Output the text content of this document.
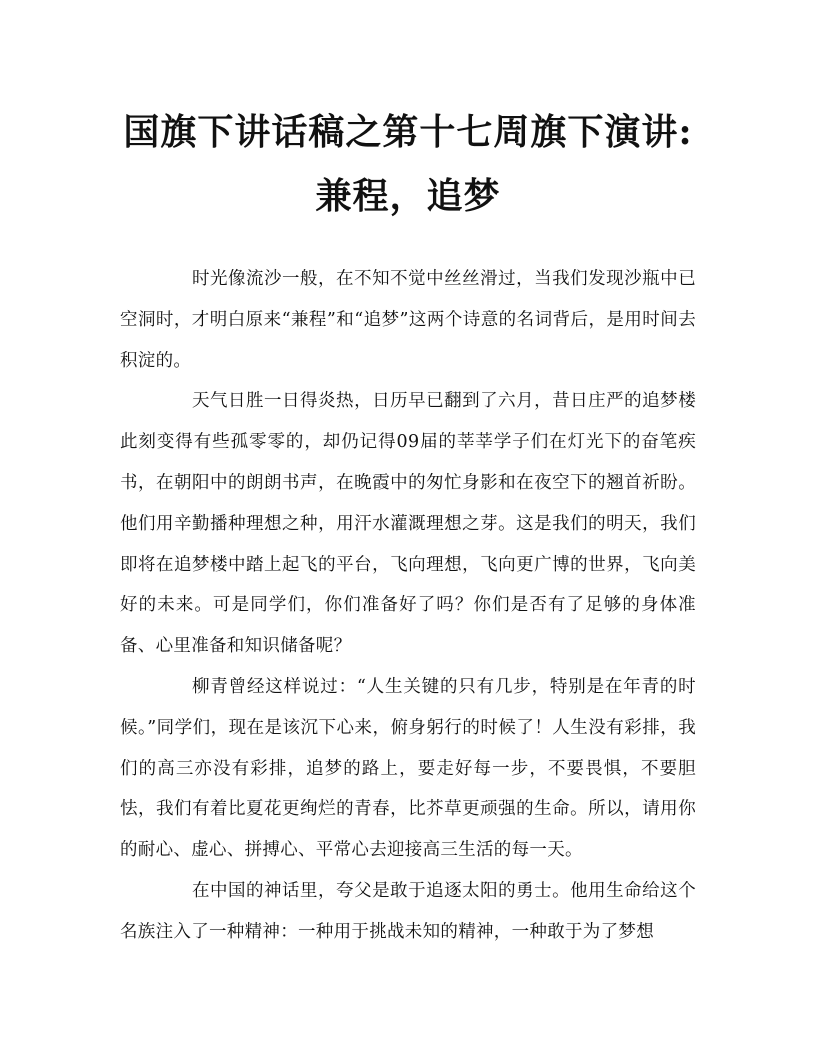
国旗下讲话稿之第十七周旗下演讲: 兼程，追梦

时光像流沙一般，在不知不觉中丝丝滑过，当我们发现沙瓶中已空洞时，才明白原来“兼程”和“追梦”这两个诗意的名词背后，是用时间去积淀的。

天气日胜一日得炎热，日历早已翻到了六月，昔日庄严的追梦楼此刻变得有些孤零零的，却仍记得09届的莘莘学子们在灯光下的奋笔疾书，在朝阳中的朗朗书声，在晚霞中的匆忙身影和在夜空下的翘首祈盼。他们用辛勤播种理想之种，用汗水灌溉理想之芽。这是我们的明天，我们即将在追梦楼中踏上起飞的平台，飞向理想，飞向更广博的世界，飞向美好的未来。可是同学们，你们准备好了吗？你们是否有了足够的身体准备、心里准备和知识储备呢？

柳青曾经这样说过：“人生关键的只有几步，特别是在年青的时候。”同学们，现在是该沉下心来，俯身躬行的时候了！人生没有彩排，我们的高三亦没有彩排，追梦的路上，要走好每一步，不要畏惧，不要胆怯，我们有着比夏花更绚烂的青春，比芥草更顽强的生命。所以，请用你的耐心、虚心、拼搏心、平常心去迎接高三生活的每一天。

在中国的神话里，夸父是敢于追逐太阳的勇士。他用生命给这个名族注入了一种精神：一种用于挑战未知的精神，一种敢于为了梦想
